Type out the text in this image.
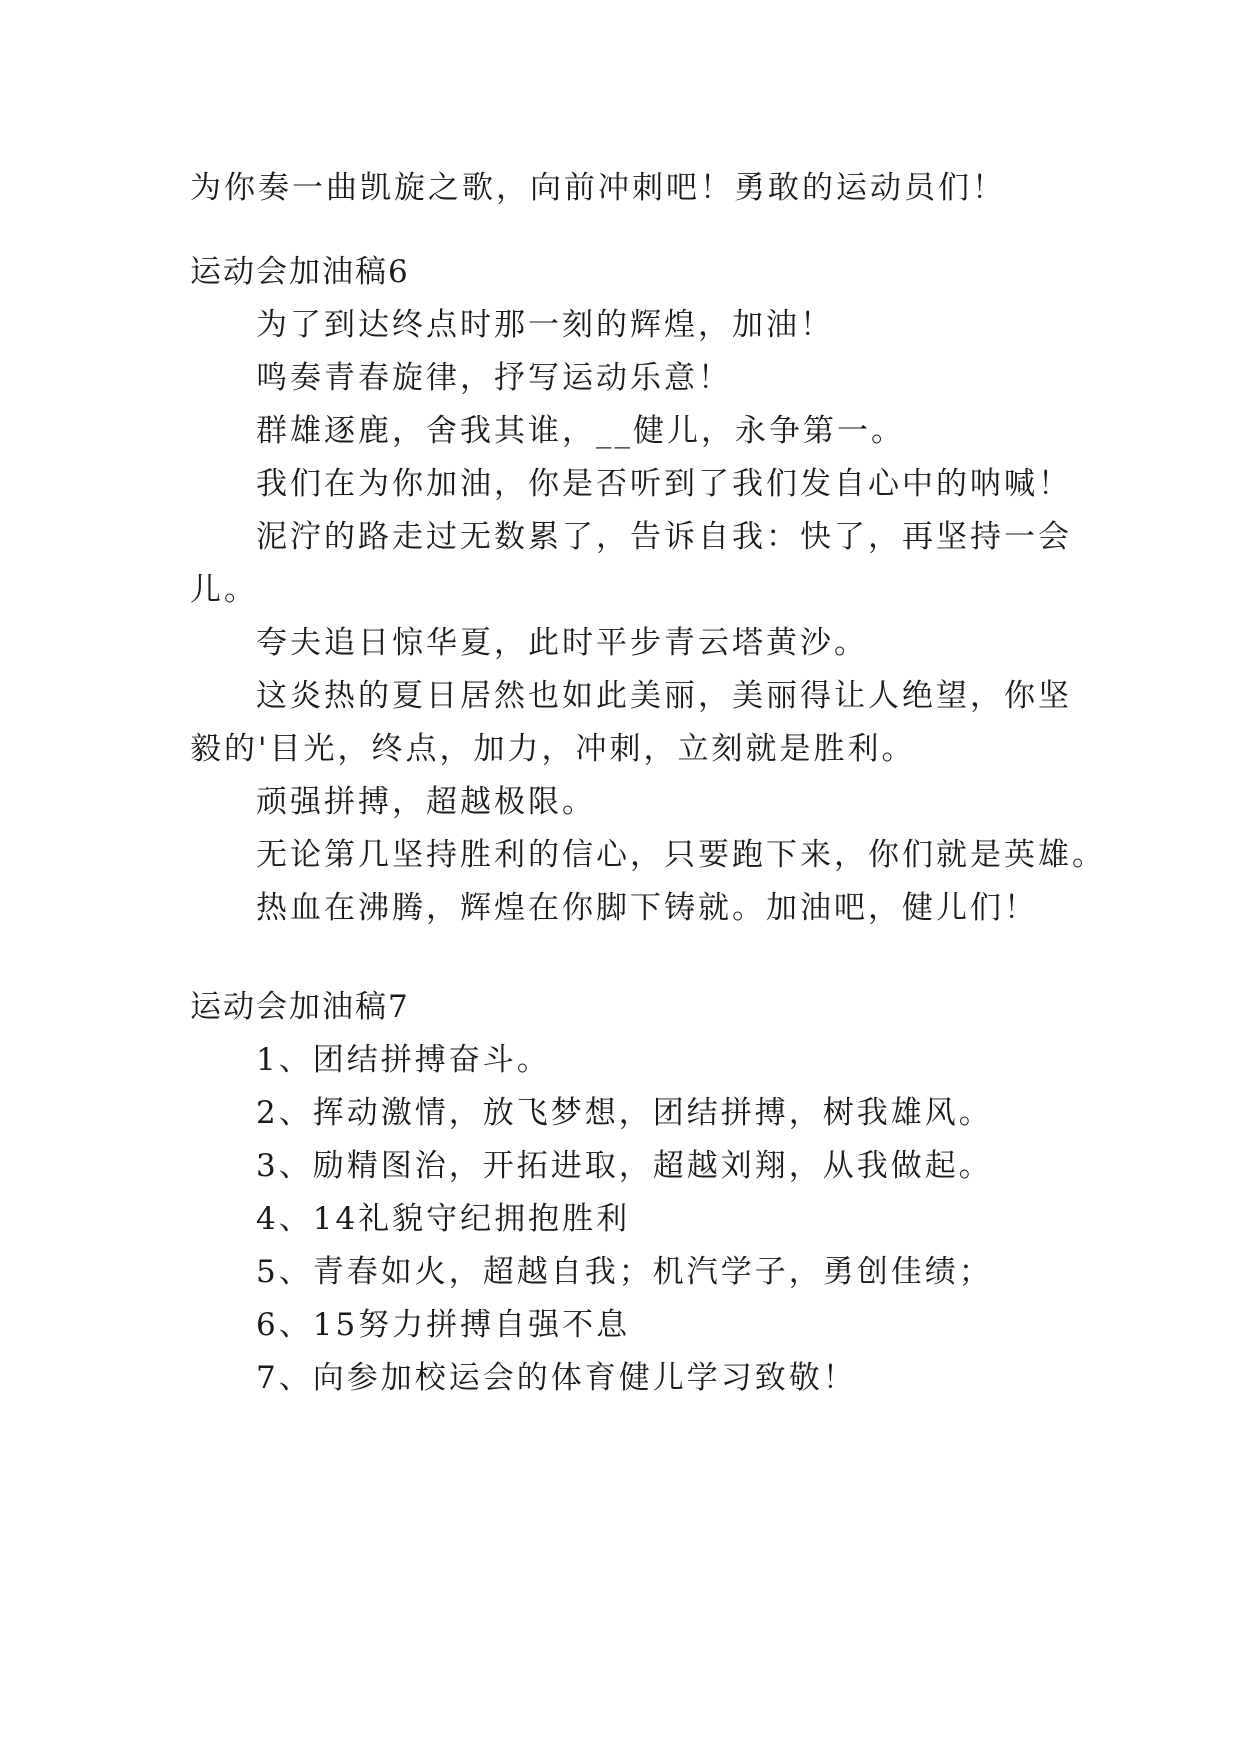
为你奏一曲凯旋之歌，向前冲刺吧！勇敢的运动员们！
运动会加油稿6
为了到达终点时那一刻的辉煌，加油！
鸣奏青春旋律，抒写运动乐意！
群雄逐鹿，舍我其谁，__健儿，永争第一。
我们在为你加油，你是否听到了我们发自心中的呐喊！
泥泞的路走过无数累了，告诉自我：快了，再坚持一会
儿。
夸夫追日惊华夏，此时平步青云塔黄沙。
这炎热的夏日居然也如此美丽，美丽得让人绝望，你坚
毅的'目光，终点，加力，冲刺，立刻就是胜利。
顽强拼搏，超越极限。
无论第几坚持胜利的信心，只要跑下来，你们就是英雄。
热血在沸腾，辉煌在你脚下铸就。加油吧，健儿们！
运动会加油稿7
1、团结拼搏奋斗。
2、挥动激情，放飞梦想，团结拼搏，树我雄风。
3、励精图治，开拓进取，超越刘翔，从我做起。
4、14礼貌守纪拥抱胜利
5、青春如火，超越自我；机汽学子，勇创佳绩；
6、15努力拼搏自强不息
7、向参加校运会的体育健儿学习致敬！
